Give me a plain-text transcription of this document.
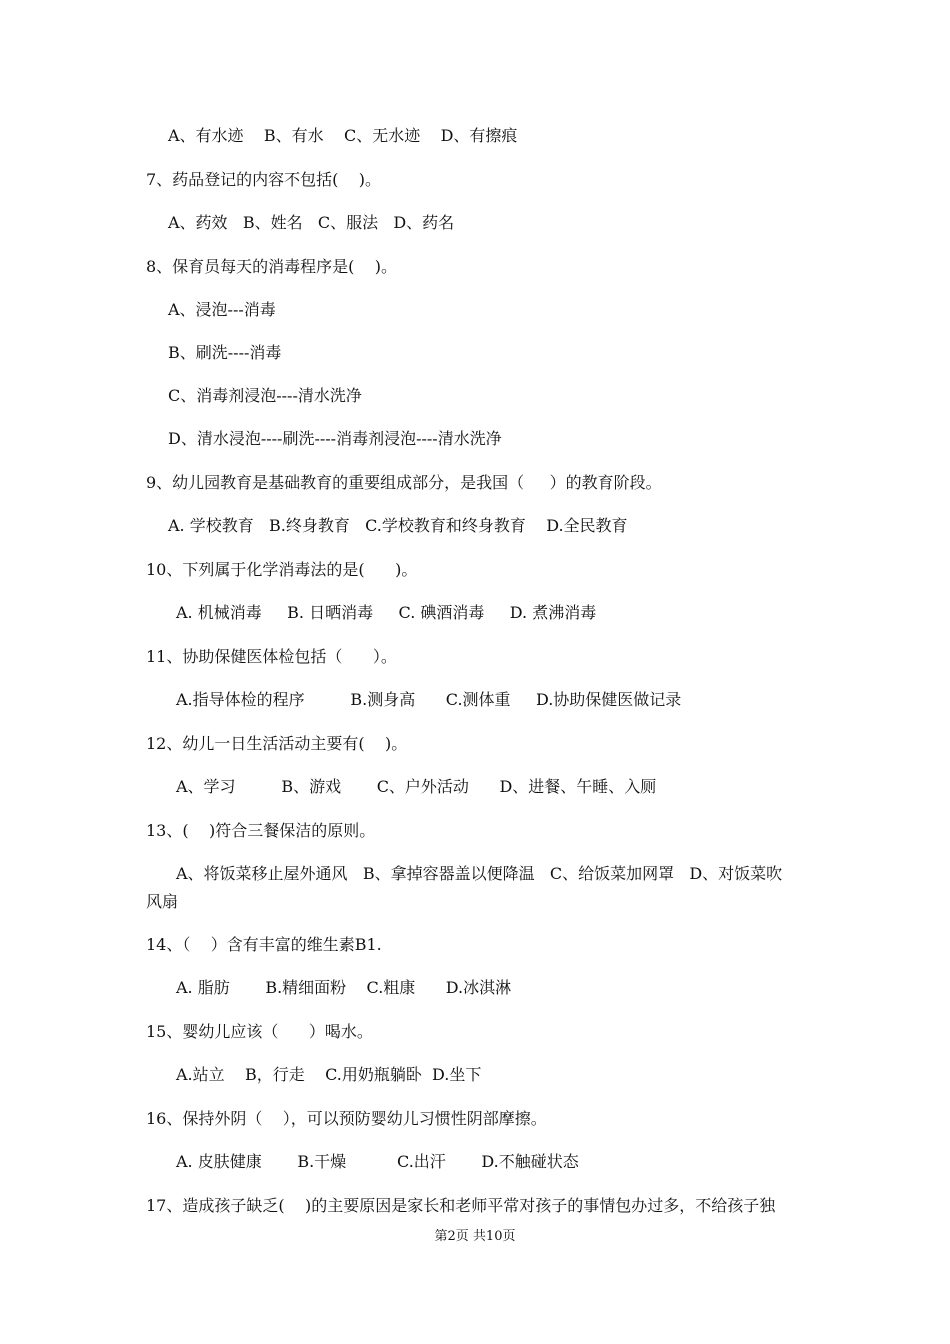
A、有水迹    B、有水    C、无水迹    D、有擦痕
7、药品登记的内容不包括(    )。
A、药效   B、姓名   C、服法   D、药名
8、保育员每天的消毒程序是(    )。
A、浸泡---消毒
B、刷洗----消毒
C、消毒剂浸泡----清水洗净
D、清水浸泡----刷洗----消毒剂浸泡----清水洗净
9、幼儿园教育是基础教育的重要组成部分，是我国（     ）的教育阶段。
A. 学校教育   B.终身教育   C.学校教育和终身教育    D.全民教育
10、下列属于化学消毒法的是(      )。
A. 机械消毒     B. 日晒消毒     C. 碘酒消毒     D. 煮沸消毒
11、协助保健医体检包括（      ）。
A.指导体检的程序         B.测身高      C.测体重     D.协助保健医做记录
12、幼儿一日生活活动主要有(    )。
A、学习         B、游戏       C、户外活动      D、进餐、午睡、入厕
13、(    )符合三餐保洁的原则。
A、将饭菜移止屋外通风   B、拿掉容器盖以便降温   C、给饭菜加网罩   D、对饭菜吹
风扇
14、（    ）含有丰富的维生素B1.
A. 脂肪       B.精细面粉    C.粗康      D.冰淇淋
15、婴幼儿应该（      ）喝水。
A.站立    B，行走    C.用奶瓶躺卧  D.坐下
16、保持外阴（    ），可以预防婴幼儿习惯性阴部摩擦。
A. 皮肤健康       B.干燥          C.出汗       D.不触碰状态
17、造成孩子缺乏(    )的主要原因是家长和老师平常对孩子的事情包办过多，不给孩子独
第2页 共10页
